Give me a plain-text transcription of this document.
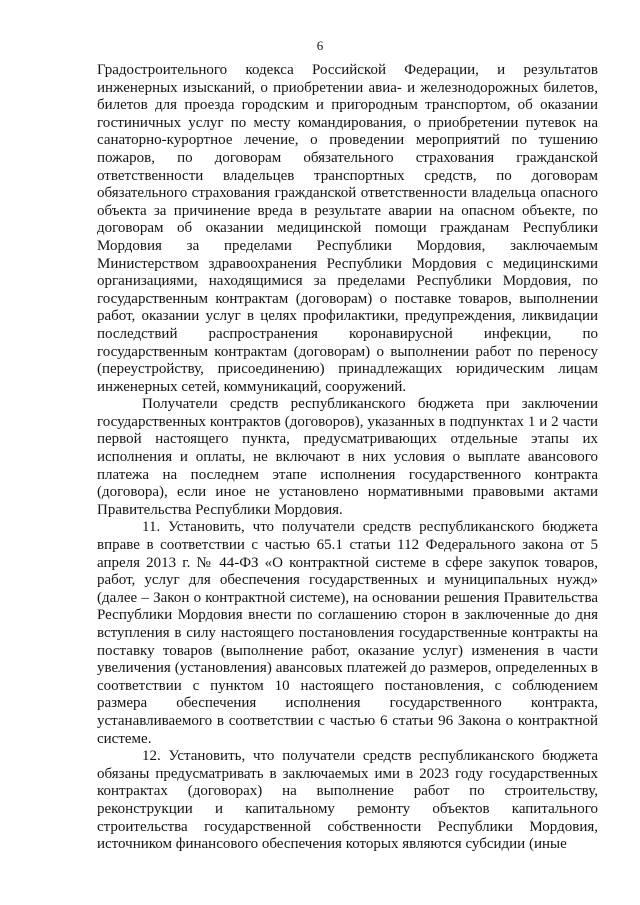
6

Градостроительного кодекса Российской Федерации, и результатов инженерных изысканий, о приобретении авиа- и железнодорожных билетов, билетов для проезда городским и пригородным транспортом, об оказании гостиничных услуг по месту командирования, о приобретении путевок на санаторно-курортное лечение, о проведении мероприятий по тушению пожаров, по договорам обязательного страхования гражданской ответственности владельцев транспортных средств, по договорам обязательного страхования гражданской ответственности владельца опасного объекта за причинение вреда в результате аварии на опасном объекте, по договорам об оказании медицинской помощи гражданам Республики Мордовия за пределами Республики Мордовия, заключаемым Министерством здравоохранения Республики Мордовия с медицинскими организациями, находящимися за пределами Республики Мордовия, по государственным контрактам (договорам) о поставке товаров, выполнении работ, оказании услуг в целях профилактики, предупреждения, ликвидации последствий распространения коронавирусной инфекции, по государственным контрактам (договорам) о выполнении работ по переносу (переустройству, присоединению) принадлежащих юридическим лицам инженерных сетей, коммуникаций, сооружений.

Получатели средств республиканского бюджета при заключении государственных контрактов (договоров), указанных в подпунктах 1 и 2 части первой настоящего пункта, предусматривающих отдельные этапы их исполнения и оплаты, не включают в них условия о выплате авансового платежа на последнем этапе исполнения государственного контракта (договора), если иное не установлено нормативными правовыми актами Правительства Республики Мордовия.

11. Установить, что получатели средств республиканского бюджета вправе в соответствии с частью 65.1 статьи 112 Федерального закона от 5 апреля 2013 г. № 44-ФЗ «О контрактной системе в сфере закупок товаров, работ, услуг для обеспечения государственных и муниципальных нужд» (далее – Закон о контрактной системе), на основании решения Правительства Республики Мордовия внести по соглашению сторон в заключенные до дня вступления в силу настоящего постановления государственные контракты на поставку товаров (выполнение работ, оказание услуг) изменения в части увеличения (установления) авансовых платежей до размеров, определенных в соответствии с пунктом 10 настоящего постановления, с соблюдением размера обеспечения исполнения государственного контракта, устанавливаемого в соответствии с частью 6 статьи 96 Закона о контрактной системе.

12. Установить, что получатели средств республиканского бюджета обязаны предусматривать в заключаемых ими в 2023 году государственных контрактах (договорах) на выполнение работ по строительству, реконструкции и капитальному ремонту объектов капитального строительства государственной собственности Республики Мордовия, источником финансового обеспечения которых являются субсидии (иные
